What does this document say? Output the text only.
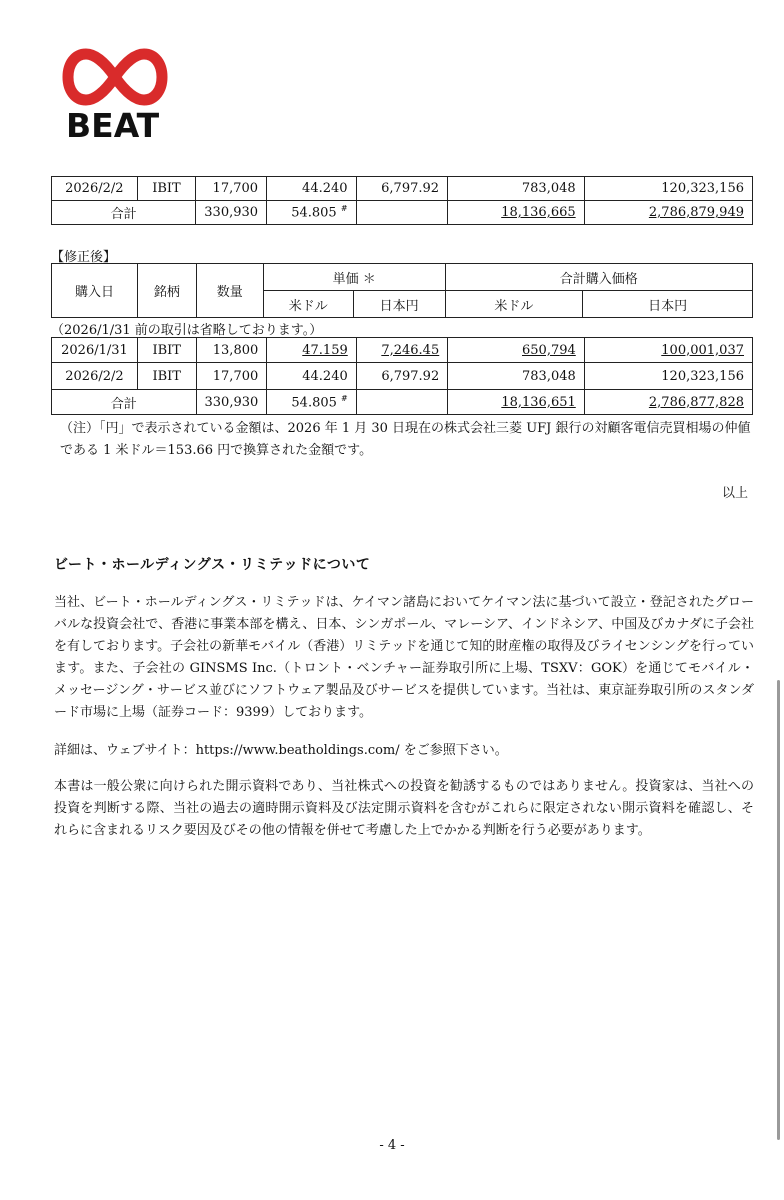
BEAT
2026/2/2	IBIT	17,700	44.240	6,797.92	783,048	120,323,156
合計		330,930	54.805 #		18,136,665	2,786,879,949
【修正後】
購入日	銘柄	数量	単価 ＊		合計購入価格	
			米ドル	日本円	米ドル	日本円
（2026/1/31 前の取引は省略しております。）
2026/1/31	IBIT	13,800	47.159	7,246.45	650,794	100,001,037
2026/2/2	IBIT	17,700	44.240	6,797.92	783,048	120,323,156
合計		330,930	54.805 #		18,136,651	2,786,877,828
（注）「円」で表示されている金額は、2026 年 1 月 30 日現在の株式会社三菱 UFJ 銀行の対顧客電信売買相場の仲値である 1 米ドル＝153.66 円で換算された金額です。
以上
ビート・ホールディングス・リミテッドについて
当社、ビート・ホールディングス・リミテッドは、ケイマン諸島においてケイマン法に基づいて設立・登記されたグローバルな投資会社で、香港に事業本部を構え、日本、シンガポール、マレーシア、インドネシア、中国及びカナダに子会社を有しております。子会社の新華モバイル（香港）リミテッドを通じて知的財産権の取得及びライセンシングを行っています。また、子会社の GINSMS Inc.（トロント・ベンチャー証券取引所に上場、TSXV：GOK）を通じてモバイル・メッセージング・サービス並びにソフトウェア製品及びサービスを提供しています。当社は、東京証券取引所のスタンダード市場に上場（証券コード：9399）しております。
詳細は、ウェブサイト：https://www.beatholdings.com/ をご参照下さい。
本書は一般公衆に向けられた開示資料であり、当社株式への投資を勧誘するものではありません。投資家は、当社への投資を判断する際、当社の過去の適時開示資料及び法定開示資料を含むがこれらに限定されない開示資料を確認し、それらに含まれるリスク要因及びその他の情報を併せて考慮した上でかかる判断を行う必要があります。
- 4 -
